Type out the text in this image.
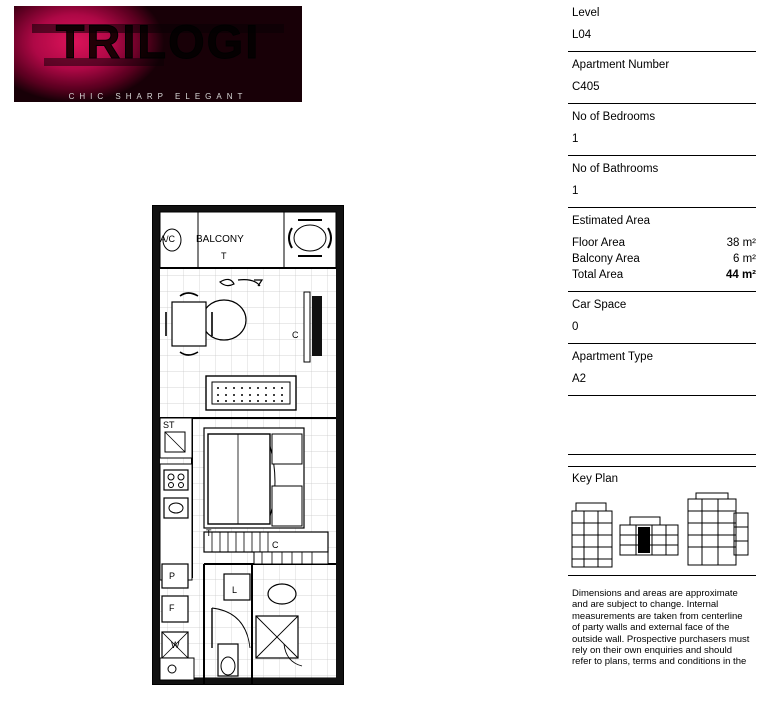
TRILOGI
CHIC SHARP ELEGANT
A/C BALCONY
T
C
ST
T
C
P
F
L
W
Level
L04
Apartment Number
C405
No of Bedrooms
1
No of Bathrooms
1
Estimated Area
Floor Area	38 m²
Balcony Area	6 m²
Total Area	44 m²
Car Space
0
Apartment Type
A2
Key Plan
Dimensions and areas are approximate and are subject to change. Internal measurements are taken from centerline of party walls and external face of the outside wall. Prospective purchasers must rely on their own enquiries and should refer to plans, terms and conditions in the
